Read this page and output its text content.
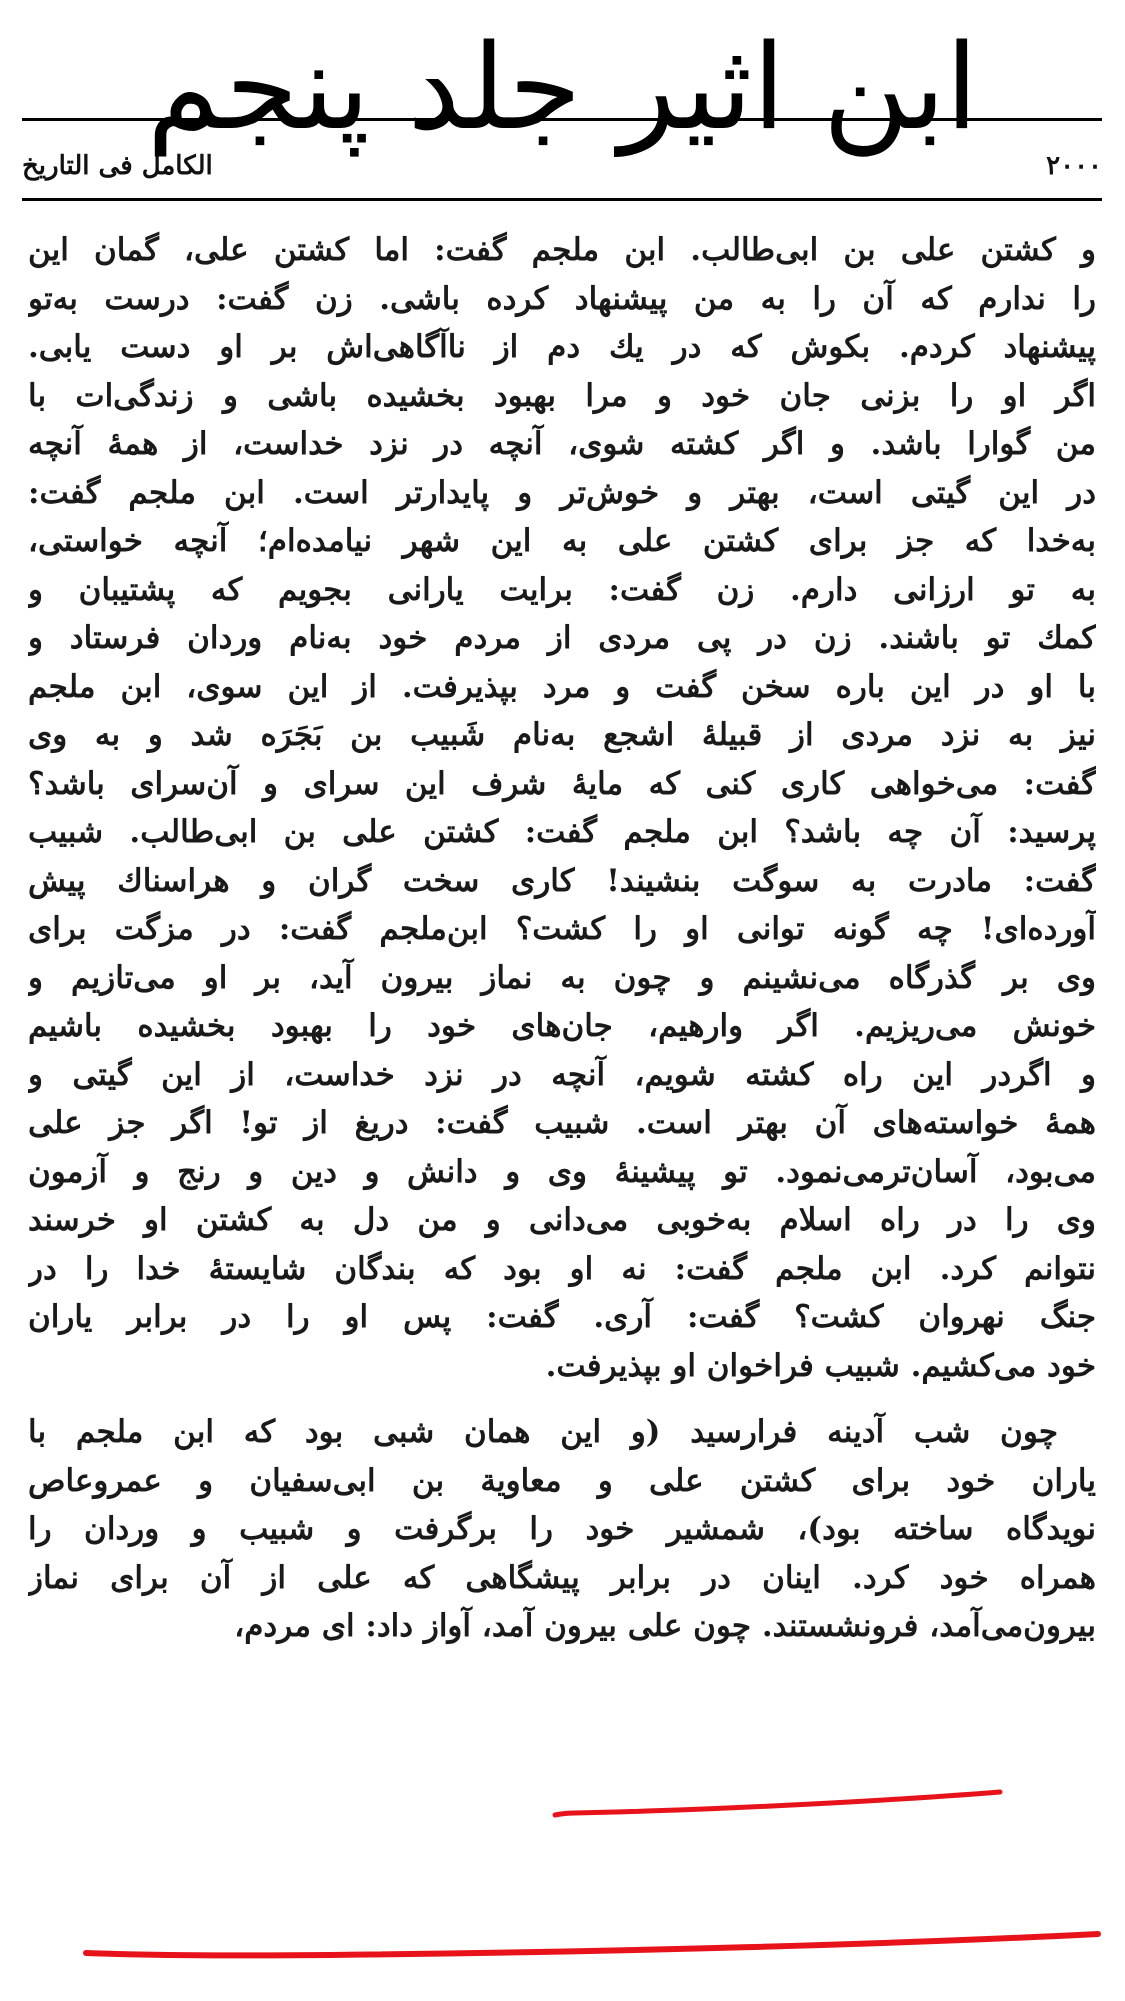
ابن اثیر جلد پنجم
٢٠٠٠
الکامل فی التاریخ
و کشتن علی بن ابی‌طالب. ابن ملجم گفت: اما کشتن علی، گمان این
را ندارم که آن را به من پیشنهاد کرده باشی. زن گفت: درست به‌تو
پیشنهاد کردم. بکوش که در یك دم از ناآگاهی‌اش بر او دست یابی.
اگر او را بزنی جان خود و مرا بهبود بخشیده باشی و زندگی‌ات با
من گوارا باشد. و اگر کشته شوی، آنچه در نزد خداست، از همهٔ آنچه
در این گیتی است، بهتر و خوش‌تر و پایدارتر است. ابن ملجم گفت:
به‌خدا که جز برای کشتن علی به این شهر نیامده‌ام؛ آنچه خواستی،
به تو ارزانی دارم. زن گفت: برایت یارانی بجویم که پشتیبان و
کمك تو باشند. زن در پی مردی از مردم خود به‌نام وردان فرستاد و
با او در این باره سخن گفت و مرد بپذیرفت. از این سوی، ابن ملجم
نیز به نزد مردی از قبیلهٔ اشجع به‌نام شَبیب بن بَجَرَه شد و به وی
گفت: می‌خواهی کاری کنی که مایهٔ شرف این سرای و آن‌سرای باشد؟
پرسید: آن چه باشد؟ ابن ملجم گفت: کشتن علی بن ابی‌طالب. شبیب
گفت: مادرت به سوگت بنشیند! کاری سخت گران و هراسناك پیش
آورده‌ای! چه گونه توانی او را کشت؟ ابن‌ملجم گفت: در مزگت برای
وی بر گذرگاه می‌نشینم و چون به نماز بیرون آید، بر او می‌تازیم و
خونش می‌ریزیم. اگر وارهیم، جان‌های خود را بهبود بخشیده باشیم
و اگردر این راه کشته شویم، آنچه در نزد خداست، از این گیتی و
همهٔ خواسته‌های آن بهتر است. شبیب گفت: دریغ از تو! اگر جز علی
می‌بود، آسان‌ترمی‌نمود. تو پیشینهٔ وی و دانش و دین و رنج و آزمون
وی را در راه اسلام به‌خوبی می‌دانی و من دل به کشتن او خرسند
نتوانم کرد. ابن ملجم گفت: نه او بود که بندگان شایستهٔ خدا را در
جنگ نهروان کشت؟ گفت: آری. گفت: پس او را در برابر یاران
خود می‌کشیم. شبیب فراخوان او بپذیرفت.
چون شب آدینه فرارسید (و این همان شبی بود که ابن ملجم با
یاران خود برای کشتن علی و معاویة بن ابی‌سفیان و عمروعاص
نویدگاه ساخته بود)، شمشیر خود را برگرفت و شبیب و وردان را
همراه خود کرد. اینان در برابر پیشگاهی که علی از آن برای نماز
بیرون‌می‌آمد، فرونشستند. چون علی بیرون آمد، آواز داد: ای مردم،
